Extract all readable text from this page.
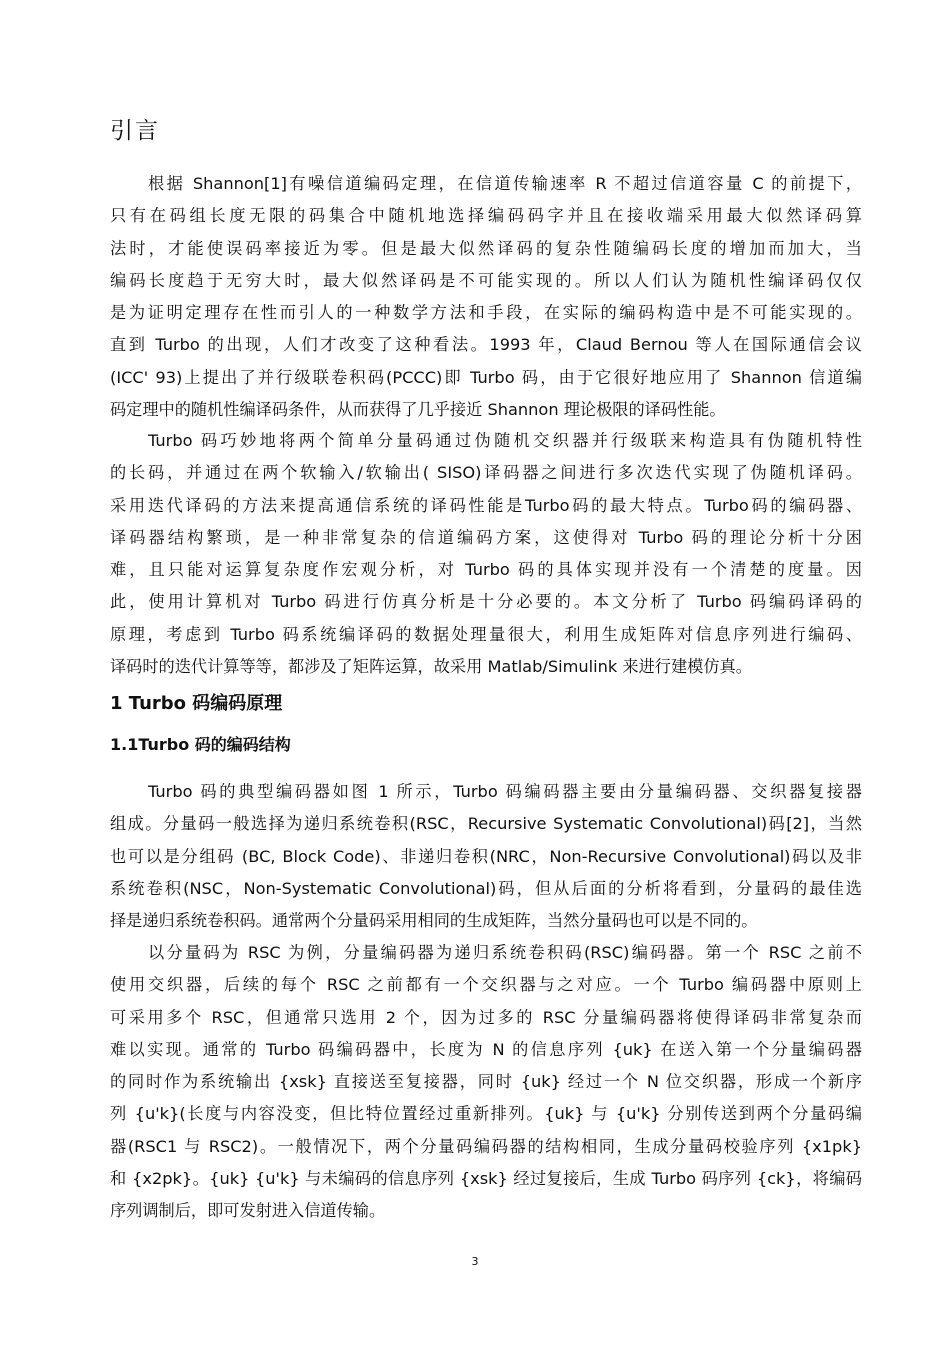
引言
根据 Shannon[1]有噪信道编码定理，在信道传输速率 R 不超过信道容量 C 的前提下，
只有在码组长度无限的码集合中随机地选择编码码字并且在接收端采用最大似然译码算
法时，才能使误码率接近为零。但是最大似然译码的复杂性随编码长度的增加而加大，当
编码长度趋于无穷大时，最大似然译码是不可能实现的。所以人们认为随机性编译码仅仅
是为证明定理存在性而引人的一种数学方法和手段，在实际的编码构造中是不可能实现的。
直到 Turbo 的出现，人们才改变了这种看法。1993 年，Claud Bernou 等人在国际通信会议
(ICC' 93)上提出了并行级联卷积码(PCCC)即 Turbo 码，由于它很好地应用了 Shannon 信道编
码定理中的随机性编译码条件，从而获得了几乎接近 Shannon 理论极限的译码性能。
Turbo 码巧妙地将两个简单分量码通过伪随机交织器并行级联来构造具有伪随机特性
的长码，并通过在两个软输入/软输出( SISO)译码器之间进行多次迭代实现了伪随机译码。
采用迭代译码的方法来提高通信系统的译码性能是Turbo码的最大特点。Turbo码的编码器、
译码器结构繁琐，是一种非常复杂的信道编码方案，这使得对 Turbo 码的理论分析十分困
难，且只能对运算复杂度作宏观分析，对 Turbo 码的具体实现并没有一个清楚的度量。因
此，使用计算机对 Turbo 码进行仿真分析是十分必要的。本文分析了 Turbo 码编码译码的
原理，考虑到 Turbo 码系统编译码的数据处理量很大，利用生成矩阵对信息序列进行编码、
译码时的迭代计算等等，都涉及了矩阵运算，故采用 Matlab/Simulink 来进行建模仿真。
1 Turbo 码编码原理
1.1Turbo 码的编码结构
Turbo 码的典型编码器如图 1 所示，Turbo 码编码器主要由分量编码器、交织器复接器
组成。分量码一般选择为递归系统卷积(RSC，Recursive Systematic Convolutional)码[2]，当然
也可以是分组码 (BC, Block Code)、非递归卷积(NRC，Non-Recursive Convolutional)码以及非
系统卷积(NSC，Non-Systematic Convolutional)码，但从后面的分析将看到，分量码的最佳选
择是递归系统卷积码。通常两个分量码采用相同的生成矩阵，当然分量码也可以是不同的。
以分量码为 RSC 为例，分量编码器为递归系统卷积码(RSC)编码器。第一个 RSC 之前不
使用交织器，后续的每个 RSC 之前都有一个交织器与之对应。一个 Turbo 编码器中原则上
可采用多个 RSC，但通常只选用 2 个，因为过多的 RSC 分量编码器将使得译码非常复杂而
难以实现。通常的 Turbo 码编码器中，长度为 N 的信息序列 {uk} 在送入第一个分量编码器
的同时作为系统输出 {xsk} 直接送至复接器，同时 {uk} 经过一个 N 位交织器，形成一个新序
列 {u'k}(长度与内容没变，但比特位置经过重新排列。{uk} 与 {u'k} 分别传送到两个分量码编
器(RSC1 与 RSC2)。一般情况下，两个分量码编码器的结构相同，生成分量码校验序列 {x1pk}
和 {x2pk}。{uk} {u'k} 与未编码的信息序列 {xsk} 经过复接后，生成 Turbo 码序列 {ck}，将编码
序列调制后，即可发射进入信道传输。
3
